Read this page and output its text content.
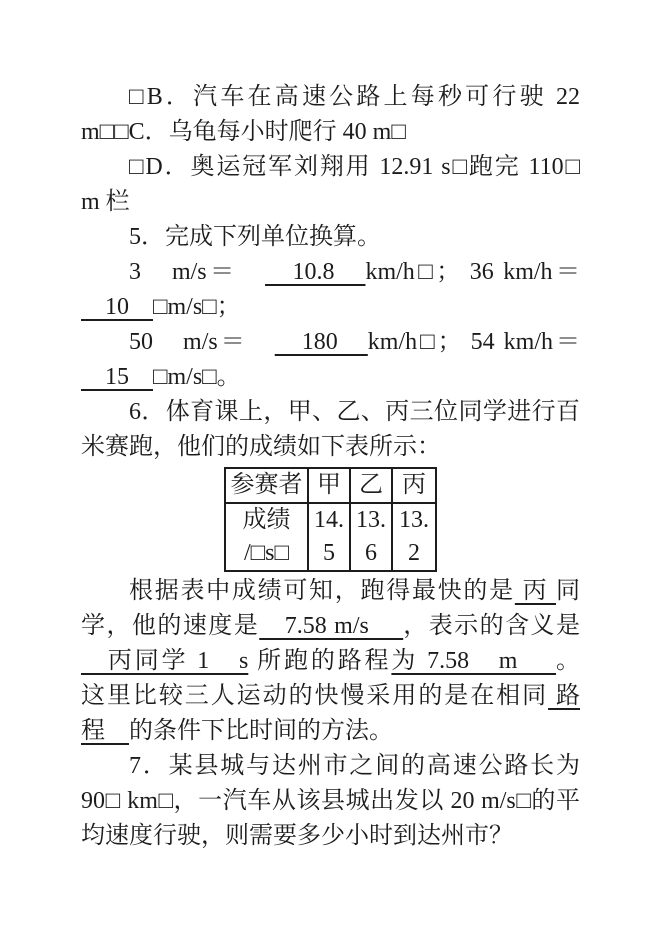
□B．汽车在高速公路上每秒可行驶 22
m□□C．乌龟每小时爬行 40 m□
□D．奥运冠军刘翔用 12.91 s□跑完 110□
m 栏
5．完成下列单位换算。
3　m/s＝　　10.8　km/h□； 36 km/h＝
　10　□m/s□；
50　m/s＝　　180　km/h□； 54 km/h＝
　15　□m/s□。
6．体育课上，甲、乙、丙三位同学进行百
米赛跑，他们的成绩如下表所示：
参赛者	甲	乙	丙

成绩
/□s□	14.5	13.6	13.2
根据表中成绩可知，跑得最快的是 丙 同
学，他的速度是　7.58 m/s　 ，表示的含义是
　丙同学 1　s 所跑的路程为 7.58　m　 。
这里比较三人运动的快慢采用的是在相同 路
程　的条件下比时间的方法。
7．某县城与达州市之间的高速公路长为
90□ km□，一汽车从该县城出发以 20 m/s□的平
均速度行驶，则需要多少小时到达州市？
